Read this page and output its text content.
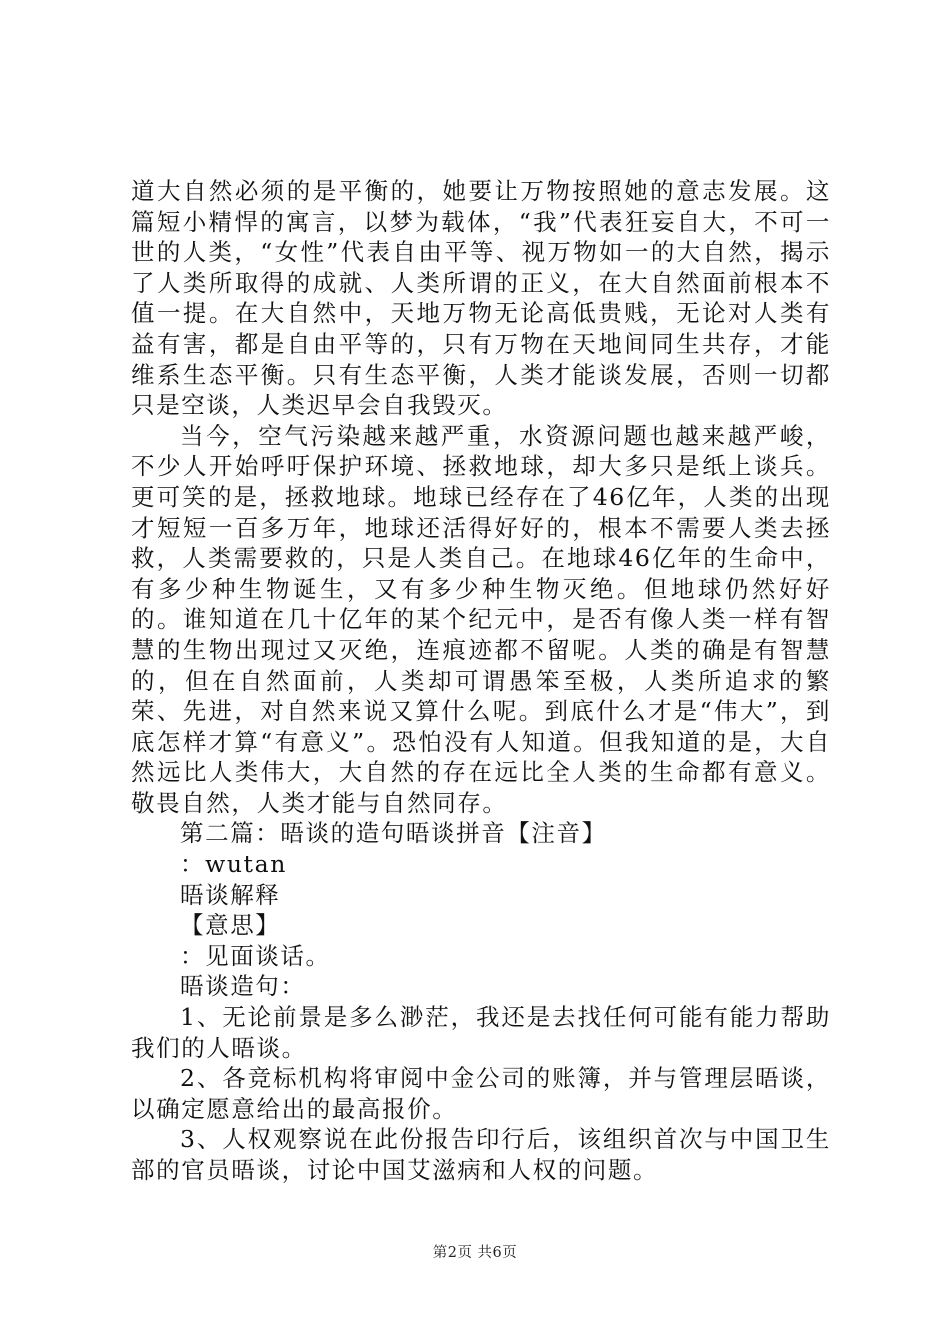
道大自然必须的是平衡的，她要让万物按照她的意志发展。这篇短小精悍的寓言，以梦为载体，“我”代表狂妄自大，不可一世的人类，“女性”代表自由平等、视万物如一的大自然，揭示了人类所取得的成就、人类所谓的正义，在大自然面前根本不值一提。在大自然中，天地万物无论高低贵贱，无论对人类有益有害，都是自由平等的，只有万物在天地间同生共存，才能维系生态平衡。只有生态平衡，人类才能谈发展，否则一切都只是空谈，人类迟早会自我毁灭。

当今，空气污染越来越严重，水资源问题也越来越严峻，不少人开始呼吁保护环境、拯救地球，却大多只是纸上谈兵。更可笑的是，拯救地球。地球已经存在了46亿年，人类的出现才短短一百多万年，地球还活得好好的，根本不需要人类去拯救，人类需要救的，只是人类自己。在地球46亿年的生命中，有多少种生物诞生，又有多少种生物灭绝。但地球仍然好好的。谁知道在几十亿年的某个纪元中，是否有像人类一样有智慧的生物出现过又灭绝，连痕迹都不留呢。人类的确是有智慧的，但在自然面前，人类却可谓愚笨至极，人类所追求的繁荣、先进，对自然来说又算什么呢。到底什么才是“伟大”，到底怎样才算“有意义”。恐怕没有人知道。但我知道的是，大自然远比人类伟大，大自然的存在远比全人类的生命都有意义。敬畏自然，人类才能与自然同存。

第二篇：晤谈的造句晤谈拼音【注音】

：wutan

晤谈解释

【意思】

：见面谈话。

晤谈造句：

1、无论前景是多么渺茫，我还是去找任何可能有能力帮助我们的人晤谈。

2、各竞标机构将审阅中金公司的账簿，并与管理层晤谈，以确定愿意给出的最高报价。

3、人权观察说在此份报告印行后，该组织首次与中国卫生部的官员晤谈，讨论中国艾滋病和人权的问题。

第2页 共6页
